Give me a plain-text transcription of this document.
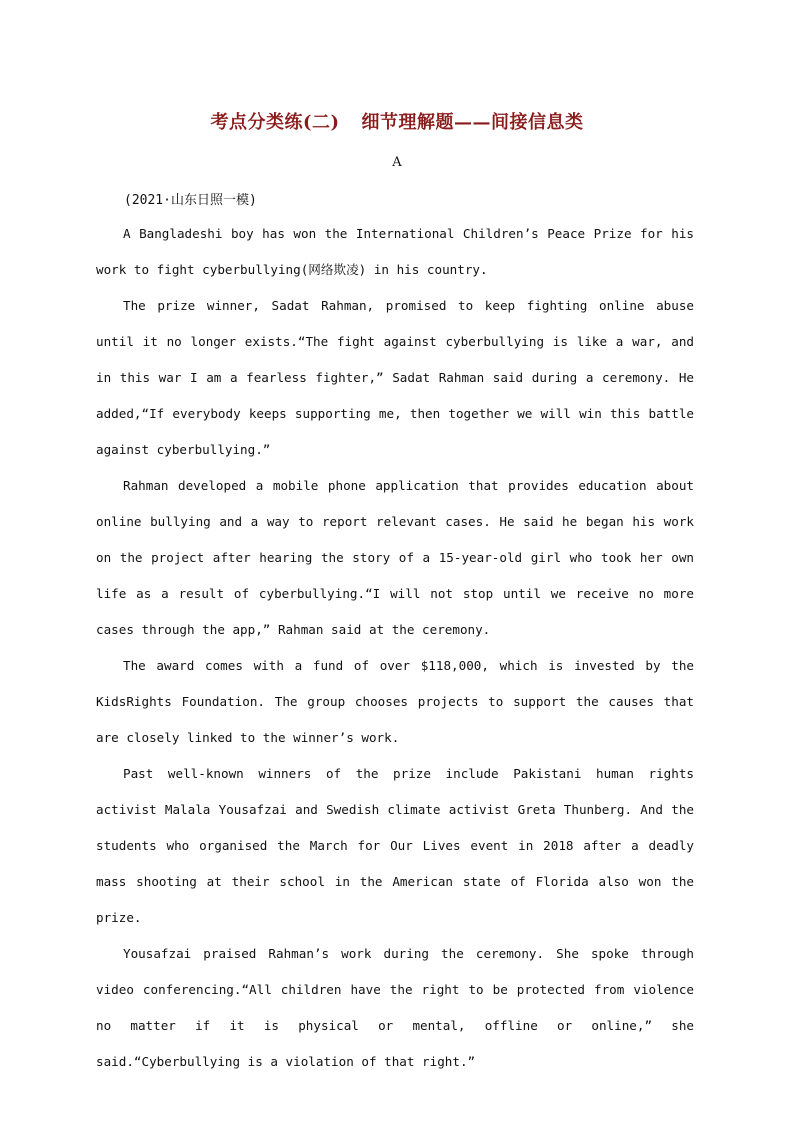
考点分类练(二) 细节理解题——间接信息类
A
(2021·山东日照一模)

A Bangladeshi boy has won the International Children’s Peace Prize for his work to fight cyberbullying(网络欺凌) in his country.

The prize winner, Sadat Rahman, promised to keep fighting online abuse until it no longer exists.“The fight against cyberbullying is like a war, and in this war I am a fearless fighter,” Sadat Rahman said during a ceremony. He added,“If everybody keeps supporting me, then together we will win this battle against cyberbullying.”

Rahman developed a mobile phone application that provides education about online bullying and a way to report relevant cases. He said he began his work on the project after hearing the story of a 15-year-old girl who took her own life as a result of cyberbullying.“I will not stop until we receive no more cases through the app,” Rahman said at the ceremony.

The award comes with a fund of over $118,000, which is invested by the KidsRights Foundation. The group chooses projects to support the causes that are closely linked to the winner’s work.

Past well-known winners of the prize include Pakistani human rights activist Malala Yousafzai and Swedish climate activist Greta Thunberg. And the students who organised the March for Our Lives event in 2018 after a deadly mass shooting at their school in the American state of Florida also won the prize.

Yousafzai praised Rahman’s work during the ceremony. She spoke through video conferencing.“All children have the right to be protected from violence no matter if it is physical or mental, offline or online,” she said.“Cyberbullying is a violation of that right.”
